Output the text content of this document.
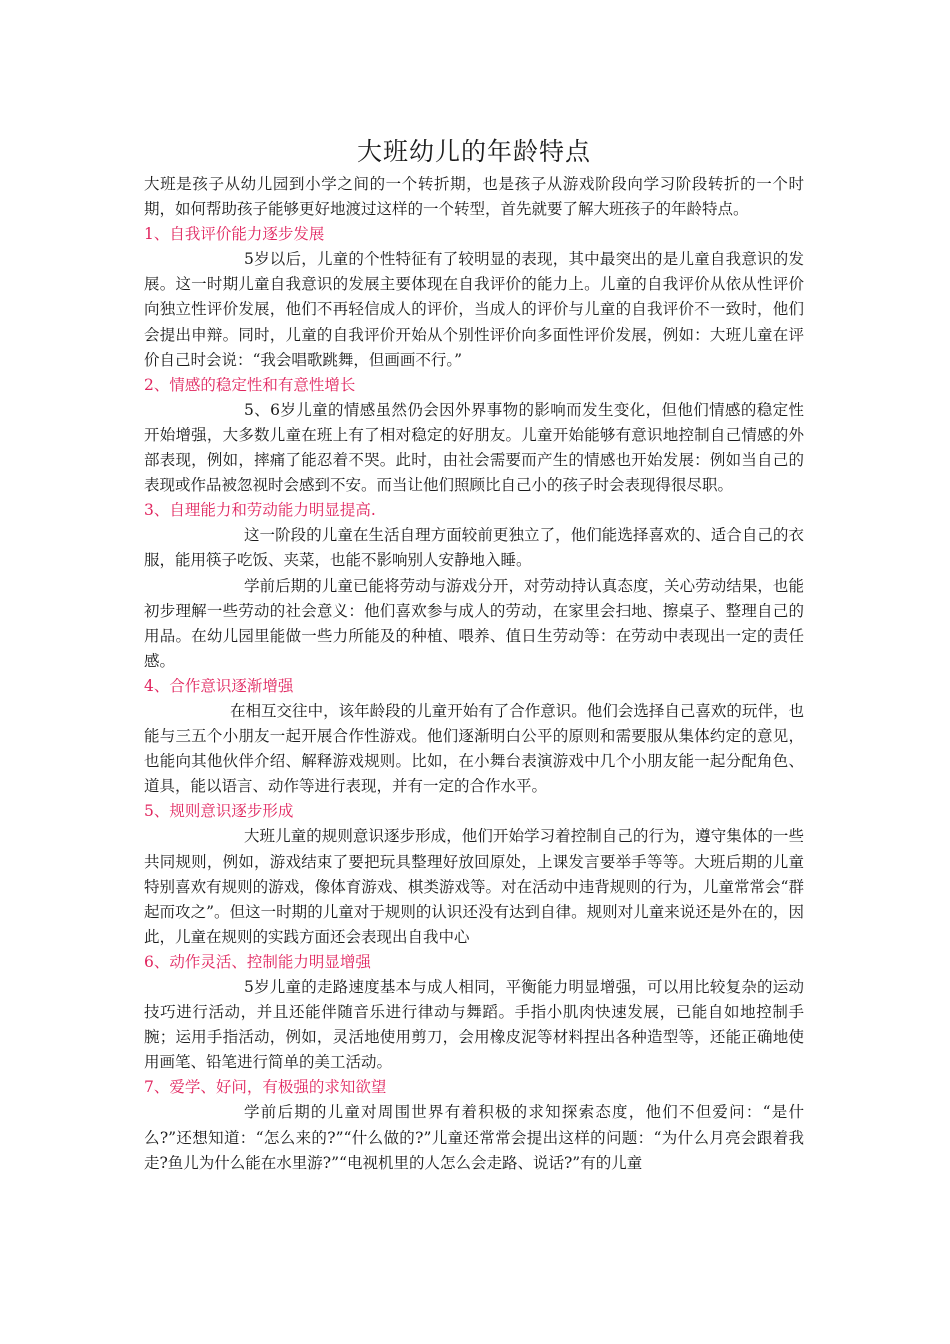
大班幼儿的年龄特点

大班是孩子从幼儿园到小学之间的一个转折期，也是孩子从游戏阶段向学习阶段转折的一个时期，如何帮助孩子能够更好地渡过这样的一个转型，首先就要了解大班孩子的年龄特点。

1、自我评价能力逐步发展

5岁以后，儿童的个性特征有了较明显的表现，其中最突出的是儿童自我意识的发展。这一时期儿童自我意识的发展主要体现在自我评价的能力上。儿童的自我评价从依从性评价向独立性评价发展，他们不再轻信成人的评价，当成人的评价与儿童的自我评价不一致时，他们会提出申辩。同时，儿童的自我评价开始从个别性评价向多面性评价发展，例如：大班儿童在评价自己时会说：“我会唱歌跳舞，但画画不行。”

2、情感的稳定性和有意性增长

5、6岁儿童的情感虽然仍会因外界事物的影响而发生变化，但他们情感的稳定性开始增强，大多数儿童在班上有了相对稳定的好朋友。儿童开始能够有意识地控制自己情感的外部表现，例如，摔痛了能忍着不哭。此时，由社会需要而产生的情感也开始发展：例如当自己的表现或作品被忽视时会感到不安。而当让他们照顾比自己小的孩子时会表现得很尽职。

3、自理能力和劳动能力明显提高.

这一阶段的儿童在生活自理方面较前更独立了，他们能选择喜欢的、适合自己的衣服，能用筷子吃饭、夹菜，也能不影响别人安静地入睡。

学前后期的儿童已能将劳动与游戏分开，对劳动持认真态度，关心劳动结果，也能初步理解一些劳动的社会意义：他们喜欢参与成人的劳动，在家里会扫地、擦桌子、整理自己的用品。在幼儿园里能做一些力所能及的种植、喂养、值日生劳动等：在劳动中表现出一定的责任感。

4、合作意识逐渐增强

在相互交往中，该年龄段的儿童开始有了合作意识。他们会选择自己喜欢的玩伴，也能与三五个小朋友一起开展合作性游戏。他们逐渐明白公平的原则和需要服从集体约定的意见，也能向其他伙伴介绍、解释游戏规则。比如，在小舞台表演游戏中几个小朋友能一起分配角色、道具，能以语言、动作等进行表现，并有一定的合作水平。

5、规则意识逐步形成

大班儿童的规则意识逐步形成，他们开始学习着控制自己的行为，遵守集体的一些共同规则，例如，游戏结束了要把玩具整理好放回原处，上课发言要举手等等。大班后期的儿童特别喜欢有规则的游戏，像体育游戏、棋类游戏等。对在活动中违背规则的行为，儿童常常会“群起而攻之”。但这一时期的儿童对于规则的认识还没有达到自律。规则对儿童来说还是外在的，因此，儿童在规则的实践方面还会表现出自我中心

6、动作灵活、控制能力明显增强

5岁儿童的走路速度基本与成人相同，平衡能力明显增强，可以用比较复杂的运动技巧进行活动，并且还能伴随音乐进行律动与舞蹈。手指小肌肉快速发展，已能自如地控制手腕；运用手指活动，例如，灵活地使用剪刀，会用橡皮泥等材料捏出各种造型等，还能正确地使用画笔、铅笔进行简单的美工活动。

7、爱学、好问，有极强的求知欲望

学前后期的儿童对周围世界有着积极的求知探索态度，他们不但爱问：“是什么?”还想知道：“怎么来的?”“什么做的?”儿童还常常会提出这样的问题：“为什么月亮会跟着我走?鱼儿为什么能在水里游?”“电视机里的人怎么会走路、说话?”有的儿童
